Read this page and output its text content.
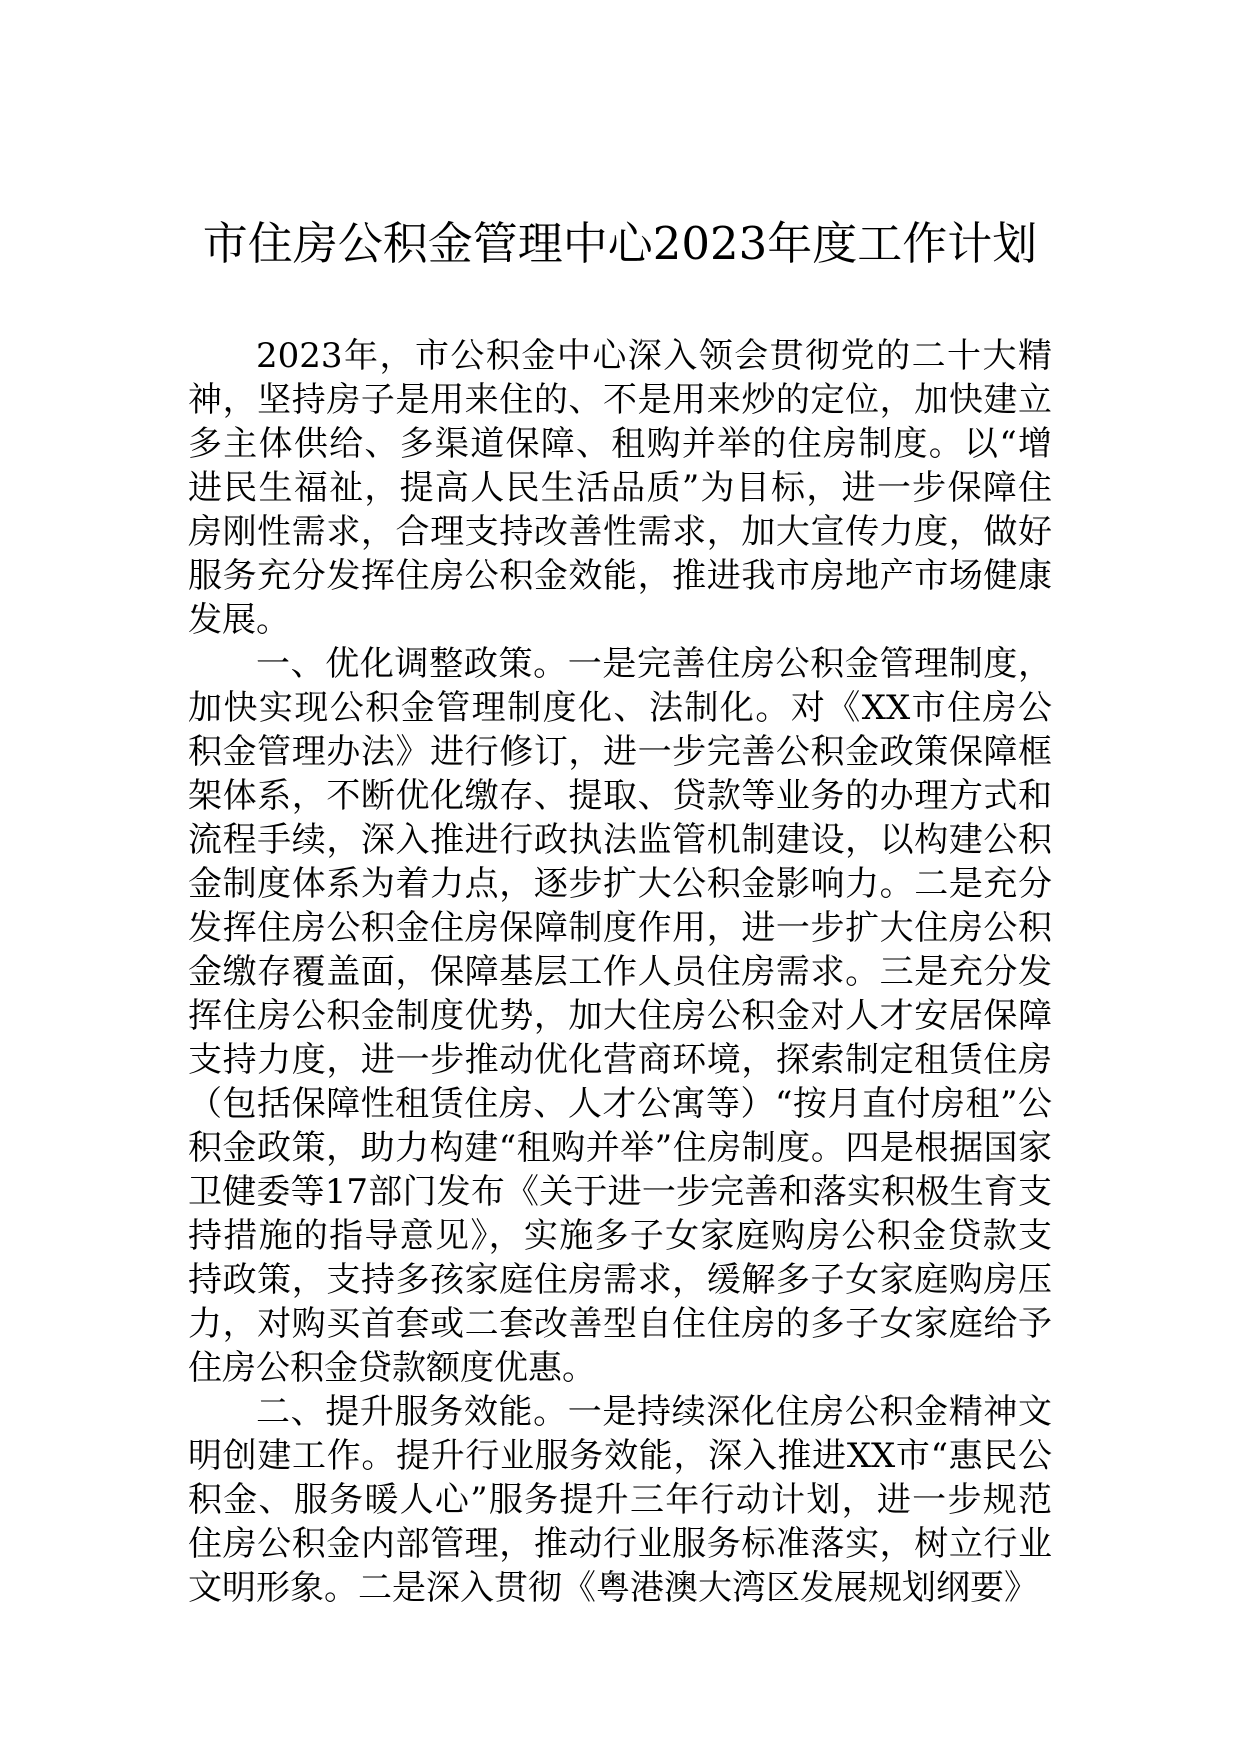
市住房公积金管理中心2023年度工作计划

2023年，市公积金中心深入领会贯彻党的二十大精神，坚持房子是用来住的、不是用来炒的定位，加快建立多主体供给、多渠道保障、租购并举的住房制度。以“增进民生福祉，提高人民生活品质”为目标，进一步保障住房刚性需求，合理支持改善性需求，加大宣传力度，做好服务充分发挥住房公积金效能，推进我市房地产市场健康发展。

一、优化调整政策。一是完善住房公积金管理制度，加快实现公积金管理制度化、法制化。对《XX市住房公积金管理办法》进行修订，进一步完善公积金政策保障框架体系，不断优化缴存、提取、贷款等业务的办理方式和流程手续，深入推进行政执法监管机制建设，以构建公积金制度体系为着力点，逐步扩大公积金影响力。二是充分发挥住房公积金住房保障制度作用，进一步扩大住房公积金缴存覆盖面，保障基层工作人员住房需求。三是充分发挥住房公积金制度优势，加大住房公积金对人才安居保障支持力度，进一步推动优化营商环境，探索制定租赁住房（包括保障性租赁住房、人才公寓等）“按月直付房租”公积金政策，助力构建“租购并举”住房制度。四是根据国家卫健委等17部门发布《关于进一步完善和落实积极生育支持措施的指导意见》，实施多子女家庭购房公积金贷款支持政策，支持多孩家庭住房需求，缓解多子女家庭购房压力，对购买首套或二套改善型自住住房的多子女家庭给予住房公积金贷款额度优惠。

二、提升服务效能。一是持续深化住房公积金精神文明创建工作。提升行业服务效能，深入推进XX市“惠民公积金、服务暖人心”服务提升三年行动计划，进一步规范住房公积金内部管理，推动行业服务标准落实，树立行业文明形象。二是深入贯彻《粤港澳大湾区发展规划纲要》
